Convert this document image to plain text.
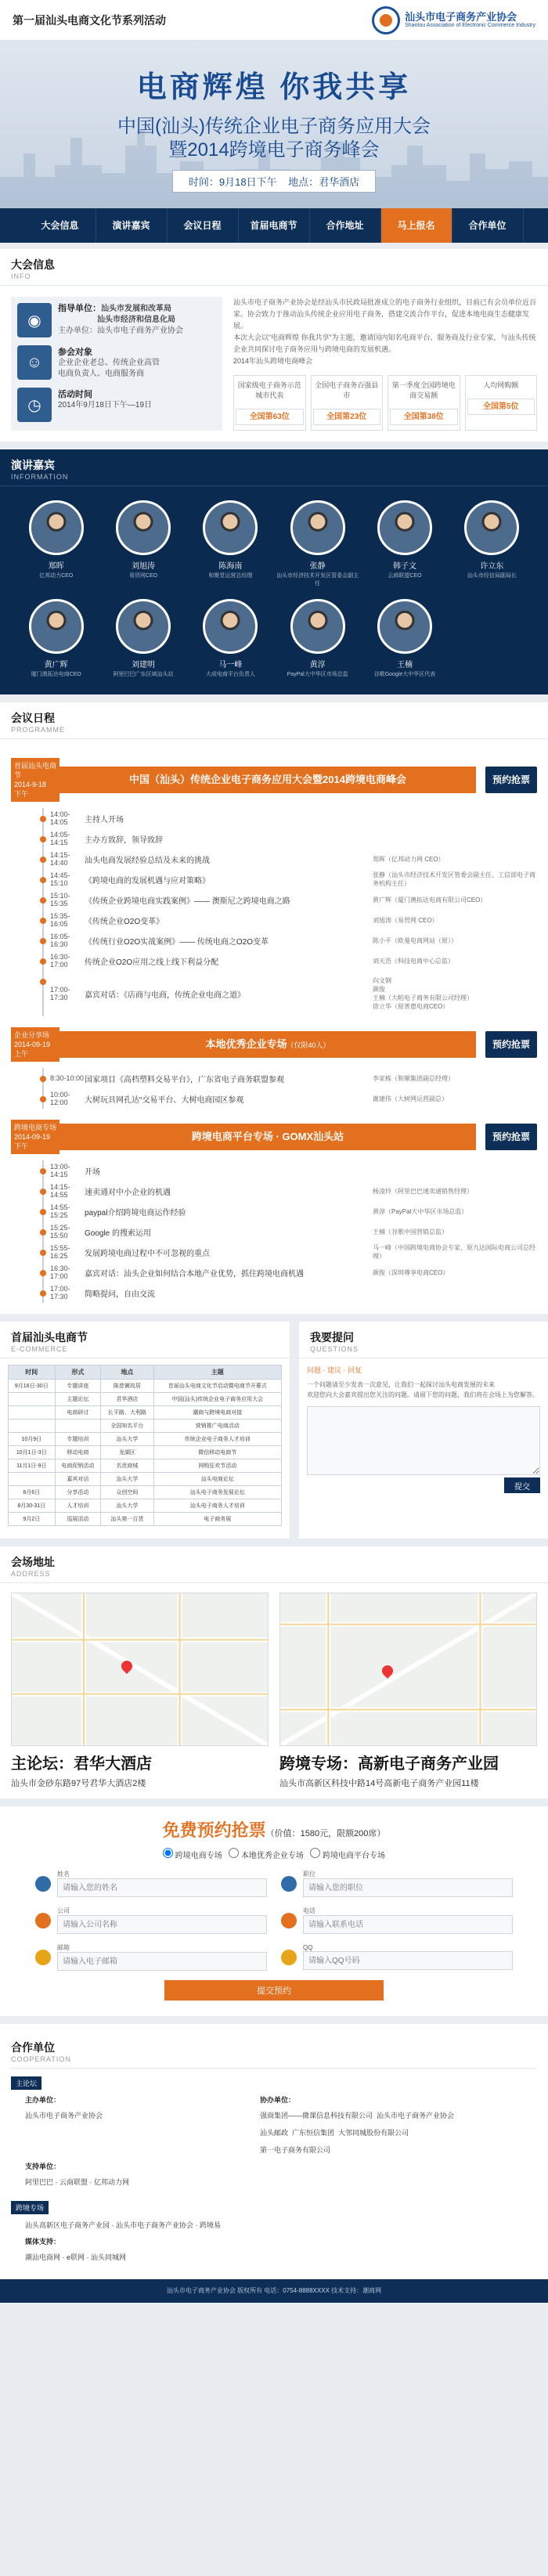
第一届汕头电商文化节系列活动	汕头市电子商务产业协会
Shantou Association of Electronic Commerce Industry
电商辉煌 你我共享
中国(汕头)传统企业电子商务应用大会
暨2014跨境电子商务峰会
时间：9月18日下午 地点：君华酒店
大会信息	演讲嘉宾	会议日程	首届电商节	合作地址	马上报名	合作单位
大会信息
INFO
◉
指导单位：汕头市发展和改革局
汕头市经济和信息化局
主办单位：汕头市电子商务产业协会
☺
参会对象
企业企业老总、传统企业高管
电商负责人、电商服务商
◷
活动时间
2014年9月18日下午—19日

汕头市电子商务产业协会是经汕头市民政局批准成立的电子商务行业组织，目前已有会员单位近百家。协会致力于推动汕头传统企业应用电子商务，搭建交流合作平台，促进本地电商生态健康发展。

本次大会以“电商辉煌 你我共享”为主题，邀请国内知名电商平台、服务商及行业专家，与汕头传统企业共同探讨电子商务应用与跨境电商的发展机遇。

2014年汕头跨境电商峰会

国家级电子商务示范城市代表
全国第63位
全国电子商务百强县市
全国第23位
第一季度全国跨境电商交易额
全国第38位
人均网购额
全国第5位
演讲嘉宾
INFORMATION
郑晖
亿邦动力CEO
刘旭涛
易贸网CEO
陈海南
和聚堂运营总经理
张静
汕头市经济技术开发区管委会副主任
韩子文
云商联盟CEO
许立东
汕头市经信局副局长
黄广辉
厦门澳拓达电商CEO
刘建明
阿里巴巴广东区域汕头站
马一峰
大成电商平台负责人
黄淳
PayPal大中华区市场总监
王楠
谷歌Google大中华区代表
会议日程
PROGRAMME
首届汕头电商节
2014-9-18
下午
中国（汕头）传统企业电子商务应用大会暨2014跨境电商峰会	预约抢票
14:00-14:05	主持人开场
14:05-14:15	主办方致辞，领导致辞
14:15-14:40	汕头电商发展经验总结及未来的挑战	郑晖（亿邦动力网 CEO）
14:45-15:10	《跨境电商的发展机遇与应对策略》
张静（汕头市经济技术开发区管委会副主任、工信部电子商务机构主任）
15:10-15:35	《传统企业跨境电商实践案例》—— 澳斯尼之跨境电商之路	黄广辉（厦门澳拓达电商有限公司CEO）
15:35-16:05	《传统企业O2O变革》	刘旭涛（易贸网 CEO）
16:05-16:30	《传统行业O2O实战案例》—— 传统电商之O2O变革	陈小平（欧曼电商网站（原））
16:30-17:00	传统企业O2O应用之线上线下利益分配	刘天浩（科技电商中心总监）
17:00-17:30	嘉宾对话：《店商与电商，传统企业电商之道》
向文钢
颜俊
王楠（大帕电子商务有限公司经理）
徐立华（原普惠电商CEO）
企业分享场
2014-09-19
上午
本地优秀企业专场（仅限40人）	预约抢票
8:30-10:00 国家项目《高档塑料交易平台》，广东省电子商务联盟参观	李家栋（和顺集团副总经理）
10:00-12:00	大树玩具网孔达“交易平台、大树电商园区参观	谢建伟（大树网运营副总）
跨境电商专场
2014-09-19
下午
跨境电商平台专场 · GOMX汕头站	预约抢票
13:00-14:15	开场
14:15-14:55	速卖通对中小企业的机遇	杨凌玲（阿里巴巴速卖通销售经理）
14:55-15:25	paypal介绍跨境电商运作经验	黄淳（PayPal大中华区市场总监）
15:25-15:50	Google 的搜索运用	王楠（谷歌中国营销总监）
15:55-16:25	发展跨境电商过程中不可忽视的重点
马一峰（中国跨境电商协会专家、原九达国际电商公司总经理）
16:30-17:00	嘉宾对话：汕头企业如何结合本地产业优势，抓住跨境电商机遇	颜俊（深圳尊享电商CEO）
17:00-17:30	简略提问，自由交流
首届汕头电商节
E-COMMERCE
时间	形式	地点	主题
9月16日-30日	专题讲座	陈慈黉故居	首届汕头电商文化节启动暨电商节开幕式
	主题论坛	君华酒店	中国(汕头)传统企业电子商务应用大会
	电商研讨	长平路、大利路	潮商与跨境电商对接
		全国知名平台	营销推广电商活动
10月9日	专题培训	汕头大学	传统企业电子商务人才培训
10月1日-3日	移动电商	龙湖区	微信移动电商节
11月1日-9日	电商促销活动	名优商城	网购狂欢节活动
	嘉宾对话	汕头大学	汕头电商论坛
8月6日	分享活动	众创空间	汕头电子商务发展论坛
8月30-31日	人才培训	汕头大学	汕头电子商务人才培训
9月2日	巡展活动	汕头第一百货	电子商务展
我要提问
QUESTIONS
问题 · 建议 · 回复

一个问题请至少发表一次意见，让我们一起探讨汕头电商发展的未来

欢迎您向大会嘉宾提出您关注的问题。请留下您的问题，我们将在会场上为您解答。

提交
会场地址
ADDRESS
主论坛：君华大酒店
汕头市金砂东路97号君华大酒店2楼
跨境专场：高新电子商务产业园
汕头市高新区科技中路14号高新电子商务产业园11楼
免费预约抢票（价值：1580元，限额200席）
跨境电商专场 本地优秀企业专场 跨境电商平台专场
姓名
请输入您的姓名	职位
请输入您的职位
公司
请输入公司名称	电话
请输入联系电话
邮箱
请输入电子邮箱	QQ
请输入QQ号码
提交预约
合作单位
COOPERATION
主论坛
主办单位：
汕头市电子商务产业协会
协办单位：
强商集团——微课信息科技有限公司 汕头市电子商务产业协会
汕头邮政 广东恒信集团 大邻同城股份有限公司
第一电子商务有限公司
支持单位：
阿里巴巴 · 云商联盟 · 亿邦动力网
跨境专场
汕头高新区电子商务产业园 · 汕头市电子商务产业协会 · 跨境易
媒体支持：
潮汕电商网 · e联网 · 汕头同城网
汕头市电子商务产业协会 版权所有 电话：0754-8888XXXX 技术支持：潮商网
